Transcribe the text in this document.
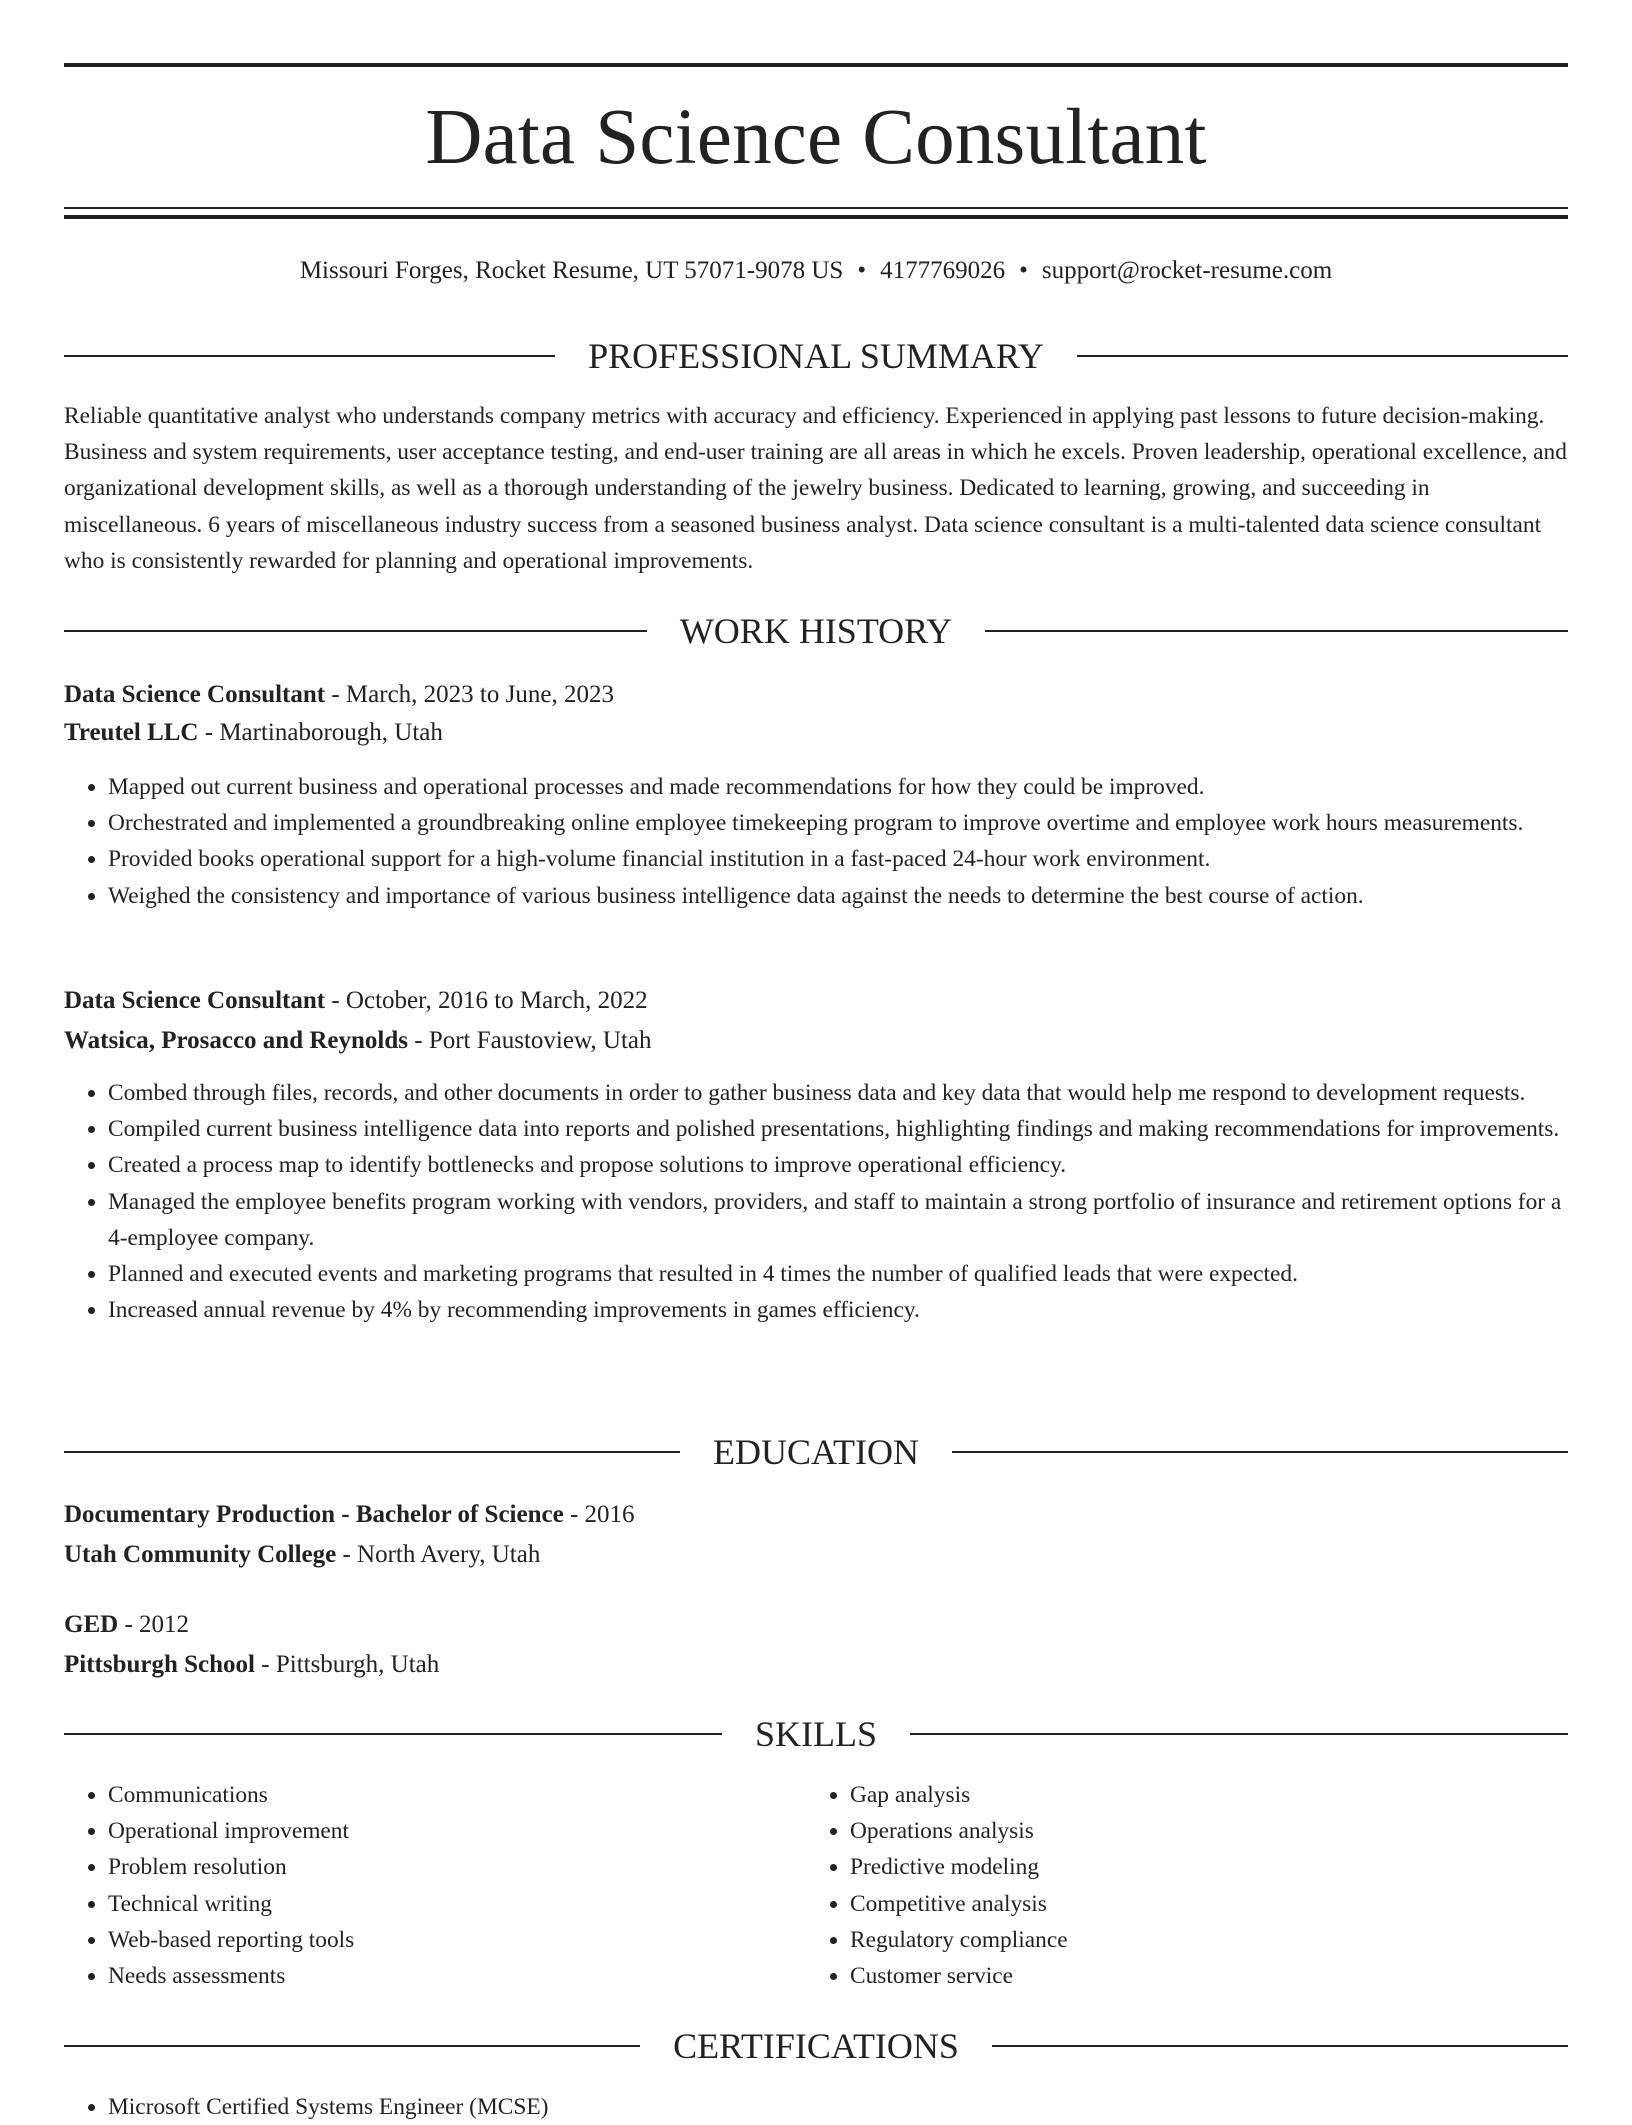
Data Science Consultant
Missouri Forges, Rocket Resume, UT 57071-9078 US • 4177769026 • support@rocket-resume.com
PROFESSIONAL SUMMARY

Reliable quantitative analyst who understands company metrics with accuracy and efficiency. Experienced in applying past lessons to future decision-making. Business and system requirements, user acceptance testing, and end-user training are all areas in which he excels. Proven leadership, operational excellence, and organizational development skills, as well as a thorough understanding of the jewelry business. Dedicated to learning, growing, and succeeding in miscellaneous. 6 years of miscellaneous industry success from a seasoned business analyst. Data science consultant is a multi-talented data science consultant who is consistently rewarded for planning and operational improvements.

WORK HISTORY
Data Science Consultant - March, 2023 to June, 2023
Treutel LLC - Martinaborough, Utah
• Mapped out current business and operational processes and made recommendations for how they could be improved.
• Orchestrated and implemented a groundbreaking online employee timekeeping program to improve overtime and employee work hours measurements.
• Provided books operational support for a high-volume financial institution in a fast-paced 24-hour work environment.
• Weighed the consistency and importance of various business intelligence data against the needs to determine the best course of action.
Data Science Consultant - October, 2016 to March, 2022
Watsica, Prosacco and Reynolds - Port Faustoview, Utah
• Combed through files, records, and other documents in order to gather business data and key data that would help me respond to development requests.
• Compiled current business intelligence data into reports and polished presentations, highlighting findings and making recommendations for improvements.
• Created a process map to identify bottlenecks and propose solutions to improve operational efficiency.
• Managed the employee benefits program working with vendors, providers, and staff to maintain a strong portfolio of insurance and retirement options for a 4-employee company.
• Planned and executed events and marketing programs that resulted in 4 times the number of qualified leads that were expected.
• Increased annual revenue by 4% by recommending improvements in games efficiency.
EDUCATION
Documentary Production - Bachelor of Science - 2016
Utah Community College - North Avery, Utah
GED - 2012
Pittsburgh School - Pittsburgh, Utah
SKILLS
• Communications
• Operational improvement
• Problem resolution
• Technical writing
• Web-based reporting tools
• Needs assessments
• Gap analysis
• Operations analysis
• Predictive modeling
• Competitive analysis
• Regulatory compliance
• Customer service
CERTIFICATIONS
• Microsoft Certified Systems Engineer (MCSE)
